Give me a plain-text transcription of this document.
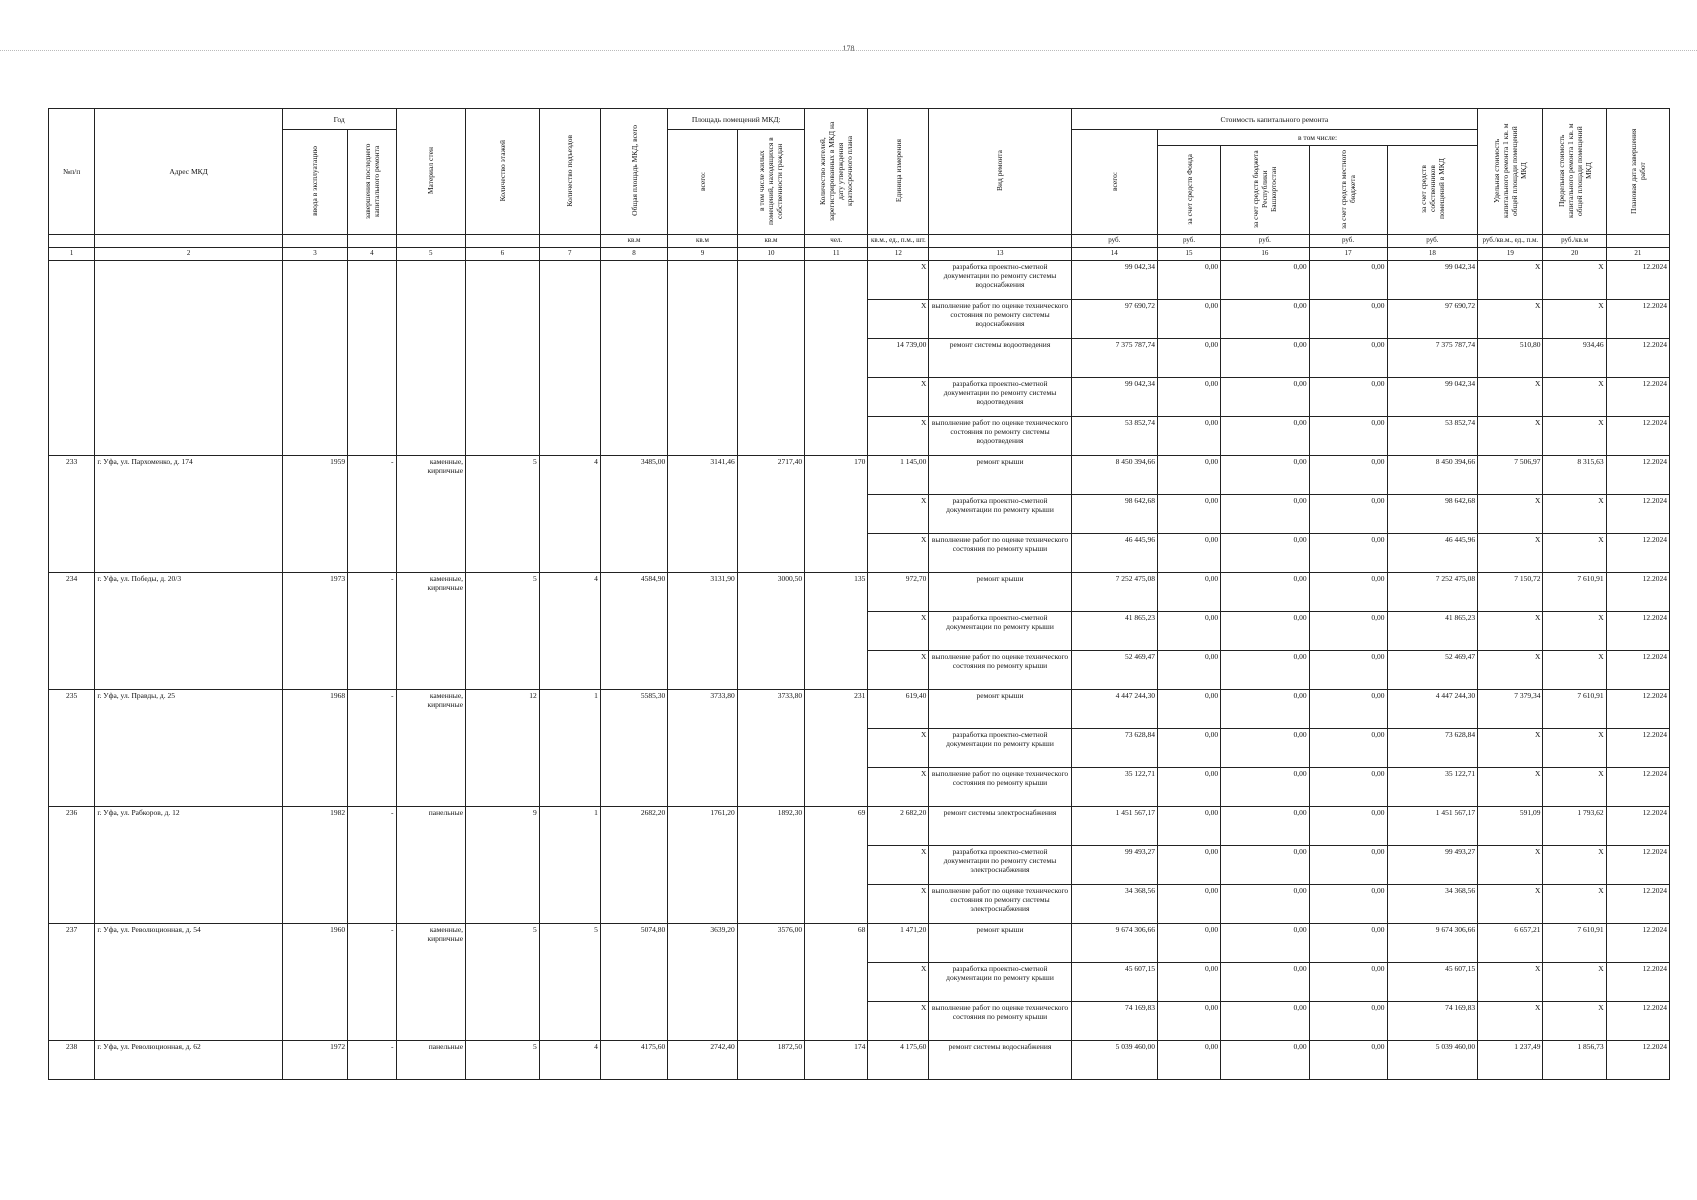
178
№п/п	Адрес МКД	Год		Материал стен	Количество этажей	Количество подъездов	Общая площадь МКД, всего	Площадь помещений МКД:		Количество жителей, зарегистрированных в МКД на дату утверждения краткосрочного плана	Единица измерения	Вид ремонта	Стоимость капитального ремонта					Удельная стоимость капитального ремонта 1 кв. м общей площади помещений МКД	Предельная стоимость капитального ремонта 1 кв. м общей площади помещений МКД	Плановая дата завершения работ
		ввода в эксплуатацию	завершения последнего капитального ремонта					всего:	в том числе жилых помещений, находящихся в собственности граждан				всего:	в том числе:						
														за счет средств Фонда	за счет средств бюджета Республики Башкортостан	за счет средств местного бюджета	за счет средств собственников помещений в МКД			
							кв.м	кв.м	кв.м	чел.	кв.м., ед., п.м., шт.		руб.	руб.	руб.	руб.	руб.	руб./кв.м., ед., п.м.	руб./кв.м	
1	2	3	4	5	6	7	8	9	10	11	12	13	14	15	16	17	18	19	20	21
											X	разработка проектно-сметной документации по ремонту системы водоснабжения	99 042,34	0,00	0,00	0,00	99 042,34	X	X	12.2024
											X	выполнение работ по оценке технического состояния по ремонту системы водоснабжения	97 690,72	0,00	0,00	0,00	97 690,72	X	X	12.2024
											14 739,00	ремонт системы водоотведения	7 375 787,74	0,00	0,00	0,00	7 375 787,74	510,80	934,46	12.2024
											X	разработка проектно-сметной документации по ремонту системы водоотведения	99 042,34	0,00	0,00	0,00	99 042,34	X	X	12.2024
											X	выполнение работ по оценке технического состояния по ремонту системы водоотведения	53 852,74	0,00	0,00	0,00	53 852,74	X	X	12.2024
233	г. Уфа, ул. Пархоменко, д. 174	1959	-	каменные, кирпичные	5	4	3485,00	3141,46	2717,40	170	1 145,00	ремонт крыши	8 450 394,66	0,00	0,00	0,00	8 450 394,66	7 506,97	8 315,63	12.2024
											X	разработка проектно-сметной документации по ремонту крыши	98 642,68	0,00	0,00	0,00	98 642,68	X	X	12.2024
											X	выполнение работ по оценке технического состояния по ремонту крыши	46 445,96	0,00	0,00	0,00	46 445,96	X	X	12.2024
234	г. Уфа, ул. Победы, д. 20/3	1973	-	каменные, кирпичные	5	4	4584,90	3131,90	3000,50	135	972,70	ремонт крыши	7 252 475,08	0,00	0,00	0,00	7 252 475,08	7 150,72	7 610,91	12.2024
											X	разработка проектно-сметной документации по ремонту крыши	41 865,23	0,00	0,00	0,00	41 865,23	X	X	12.2024
											X	выполнение работ по оценке технического состояния по ремонту крыши	52 469,47	0,00	0,00	0,00	52 469,47	X	X	12.2024
235	г. Уфа, ул. Правды, д. 25	1968	-	каменные, кирпичные	12	1	5585,30	3733,80	3733,80	231	619,40	ремонт крыши	4 447 244,30	0,00	0,00	0,00	4 447 244,30	7 379,34	7 610,91	12.2024
											X	разработка проектно-сметной документации по ремонту крыши	73 628,84	0,00	0,00	0,00	73 628,84	X	X	12.2024
											X	выполнение работ по оценке технического состояния по ремонту крыши	35 122,71	0,00	0,00	0,00	35 122,71	X	X	12.2024
236	г. Уфа, ул. Рабкоров, д. 12	1982	-	панельные	9	1	2682,20	1761,20	1892,30	69	2 682,20	ремонт системы электроснабжения	1 451 567,17	0,00	0,00	0,00	1 451 567,17	591,09	1 793,62	12.2024
											X	разработка проектно-сметной документации по ремонту системы электроснабжения	99 493,27	0,00	0,00	0,00	99 493,27	X	X	12.2024
											X	выполнение работ по оценке технического состояния по ремонту системы электроснабжения	34 368,56	0,00	0,00	0,00	34 368,56	X	X	12.2024
237	г. Уфа, ул. Революционная, д. 54	1960	-	каменные, кирпичные	5	5	5074,80	3639,20	3576,00	68	1 471,20	ремонт крыши	9 674 306,66	0,00	0,00	0,00	9 674 306,66	6 657,21	7 610,91	12.2024
											X	разработка проектно-сметной документации по ремонту крыши	45 607,15	0,00	0,00	0,00	45 607,15	X	X	12.2024
											X	выполнение работ по оценке технического состояния по ремонту крыши	74 169,83	0,00	0,00	0,00	74 169,83	X	X	12.2024
238	г. Уфа, ул. Революционная, д. 62	1972	-	панельные	5	4	4175,60	2742,40	1872,50	174	4 175,60	ремонт системы водоснабжения	5 039 460,00	0,00	0,00	0,00	5 039 460,00	1 237,49	1 856,73	12.2024
